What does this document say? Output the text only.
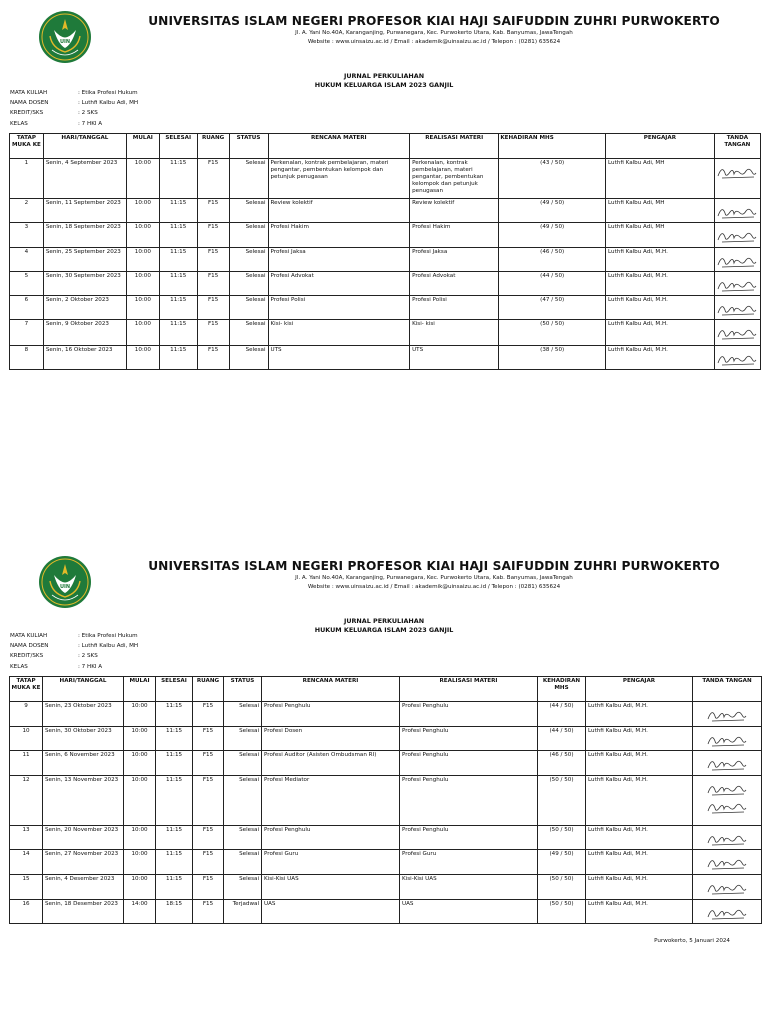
UIN
UNIVERSITAS ISLAM NEGERI PROFESOR KIAI HAJI SAIFUDDIN ZUHRI PURWOKERTO
Jl. A. Yani No.40A, Karanganjing, Purwanegara, Kec. Purwokerto Utara, Kab. Banyumas, JawaTengah
Website : www.uinsaizu.ac.id / Email : akademik@uinsaizu.ac.id / Telepon : (0281) 635624
JURNAL PERKULIAHAN
HUKUM KELUARGA ISLAM 2023 GANJIL
MATA KULIAH	: Etika Profesi Hukum
NAMA DOSEN	: Luthfi Kalbu Adi, MH
KREDIT/SKS	: 2 SKS
KELAS	: 7 HKI A
TATAP MUKA KE	HARI/TANGGAL	MULAI	SELESAI	RUANG	STATUS	RENCANA MATERI	REALISASI MATERI	KEHADIRAN MHS	PENGAJAR	TANDA TANGAN
1	Senin, 4 September 2023	10:00	11:15	F15	Selesai	Perkenalan, kontrak pembelajaran, materi pengantar, pembentukan kelompok dan petunjuk penugasan	Perkenalan, kontrak pembelajaran, materi pengantar, pembentukan kelompok dan petunjuk penugasan	(43 / 50)	Luthfi Kalbu Adi, MH	

2	Senin, 11 September 2023	10:00	11:15	F15	Selesai	Review kolektif	Review kolektif	(49 / 50)	Luthfi Kalbu Adi, MH	

3	Senin, 18 September 2023	10:00	11:15	F15	Selesai	Profesi Hakim	Profesi Hakim	(49 / 50)	Luthfi Kalbu Adi, MH	

4	Senin, 25 September 2023	10:00	11:15	F15	Selesai	Profesi Jaksa	Profesi Jaksa	(46 / 50)	Luthfi Kalbu Adi, M.H.	

5	Senin, 30 September 2023	10:00	11:15	F15	Selesai	Profesi Advokat	Profesi Advokat	(44 / 50)	Luthfi Kalbu Adi, M.H.	

6	Senin, 2 Oktober 2023	10:00	11:15	F15	Selesai	Profesi Polisi	Profesi Polisi	(47 / 50)	Luthfi Kalbu Adi, M.H.	

7	Senin, 9 Oktober 2023	10:00	11:15	F15	Selesai	Kisi- kisi	Kisi- kisi	(50 / 50)	Luthfi Kalbu Adi, M.H.	

8	Senin, 16 Oktober 2023	10:00	11:15	F15	Selesai	UTS	UTS	(38 / 50)	Luthfi Kalbu Adi, M.H.	
UIN
UNIVERSITAS ISLAM NEGERI PROFESOR KIAI HAJI SAIFUDDIN ZUHRI PURWOKERTO
Jl. A. Yani No.40A, Karanganjing, Purwanegara, Kec. Purwokerto Utara, Kab. Banyumas, JawaTengah
Website : www.uinsaizu.ac.id / Email : akademik@uinsaizu.ac.id / Telepon : (0281) 635624
JURNAL PERKULIAHAN
HUKUM KELUARGA ISLAM 2023 GANJIL
MATA KULIAH	: Etika Profesi Hukum
NAMA DOSEN	: Luthfi Kalbu Adi, MH
KREDIT/SKS	: 2 SKS
KELAS	: 7 HKI A
TATAP MUKA KE	HARI/TANGGAL	MULAI	SELESAI	RUANG	STATUS	RENCANA MATERI	REALISASI MATERI	KEHADIRAN MHS	PENGAJAR	TANDA TANGAN
9	Senin, 23 Oktober 2023	10:00	11:15	F15	Selesai	Profesi Penghulu	Profesi Penghulu	(44 / 50)	Luthfi Kalbu Adi, M.H.	

10	Senin, 30 Oktober 2023	10:00	11:15	F15	Selesai	Profesi Dosen	Profesi Penghulu	(44 / 50)	Luthfi Kalbu Adi, M.H.	

11	Senin, 6 November 2023	10:00	11:15	F15	Selesai	Profesi Auditor (Asisten Ombudsman RI)	Profesi Penghulu	(46 / 50)	Luthfi Kalbu Adi, M.H.	

12	Senin, 13 November 2023	10:00	11:15	F15	Selesai	Profesi Mediator	Profesi Penghulu	(50 / 50)	Luthfi Kalbu Adi, M.H.	

13	Senin, 20 November 2023	10:00	11:15	F15	Selesai	Profesi Penghulu	Profesi Penghulu	(50 / 50)	Luthfi Kalbu Adi, M.H.	

14	Senin, 27 November 2023	10:00	11:15	F15	Selesai	Profesi Guru	Profesi Guru	(49 / 50)	Luthfi Kalbu Adi, M.H.	

15	Senin, 4 Desember 2023	10:00	11:15	F15	Selesai	Kisi-Kisi UAS	Kisi-Kisi UAS	(50 / 50)	Luthfi Kalbu Adi, M.H.	

16	Senin, 18 Desember 2023	14:00	18:15	F15	Terjadwal	UAS	UAS	(50 / 50)	Luthfi Kalbu Adi, M.H.	
Purwokerto, 5 Januari 2024
